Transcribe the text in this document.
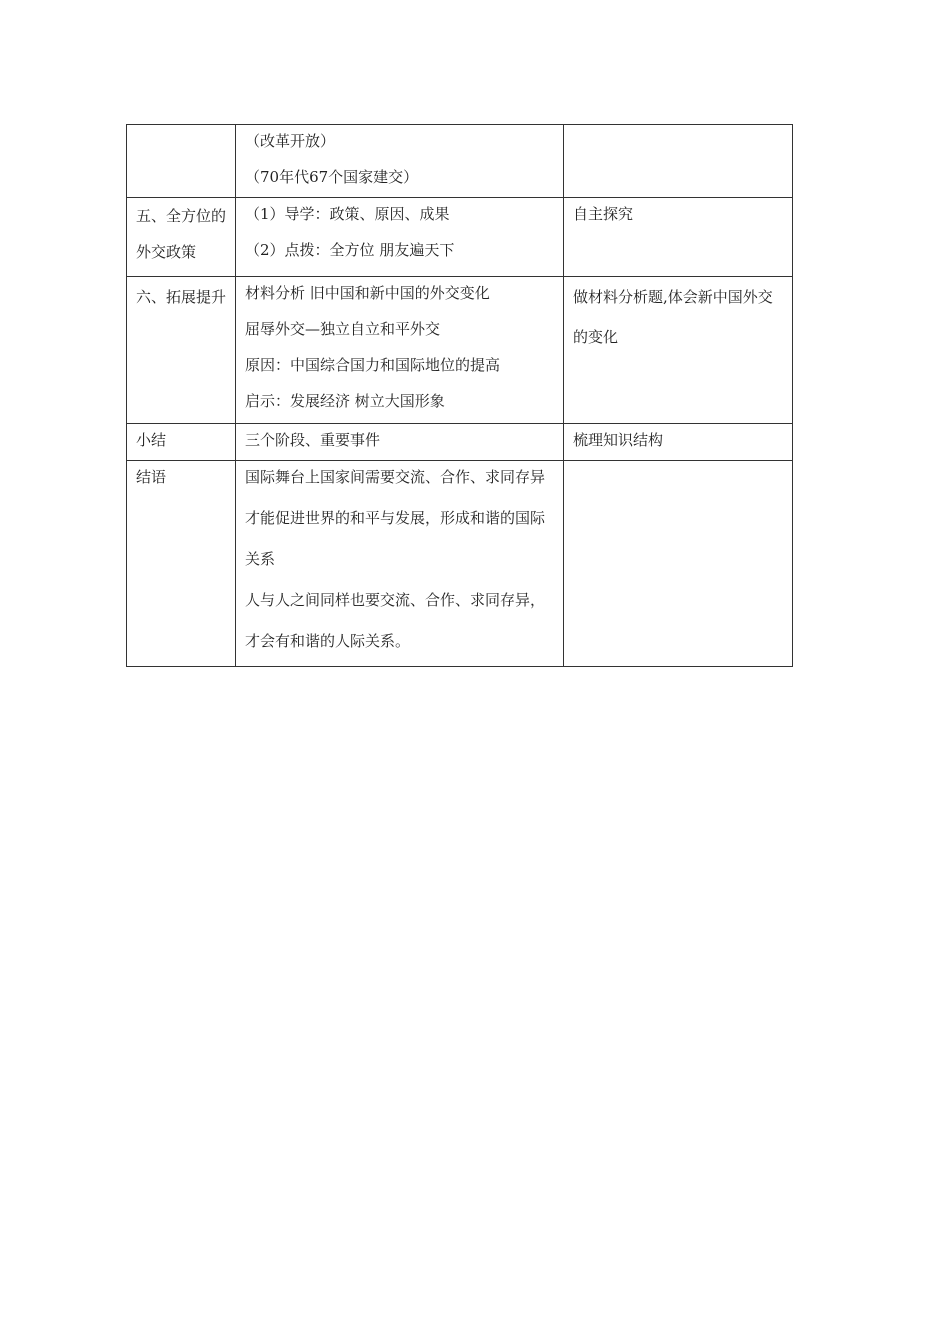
	（改革开放）
（70年代67个国家建交）	

五、全方位的外交政策	（1）导学：政策、原因、成果
（2）点拨：全方位 朋友遍天下	自主探究
六、拓展提升	材料分析 旧中国和新中国的外交变化
屈辱外交—独立自立和平外交
原因：中国综合国力和国际地位的提高
启示：发展经济 树立大国形象	做材料分析题,体会新中国外交的变化
小结	三个阶段、重要事件	梳理知识结构
结语	国际舞台上国家间需要交流、合作、求同存异才能促进世界的和平与发展，形成和谐的国际关系
人与人之间同样也要交流、合作、求同存异，才会有和谐的人际关系。	
